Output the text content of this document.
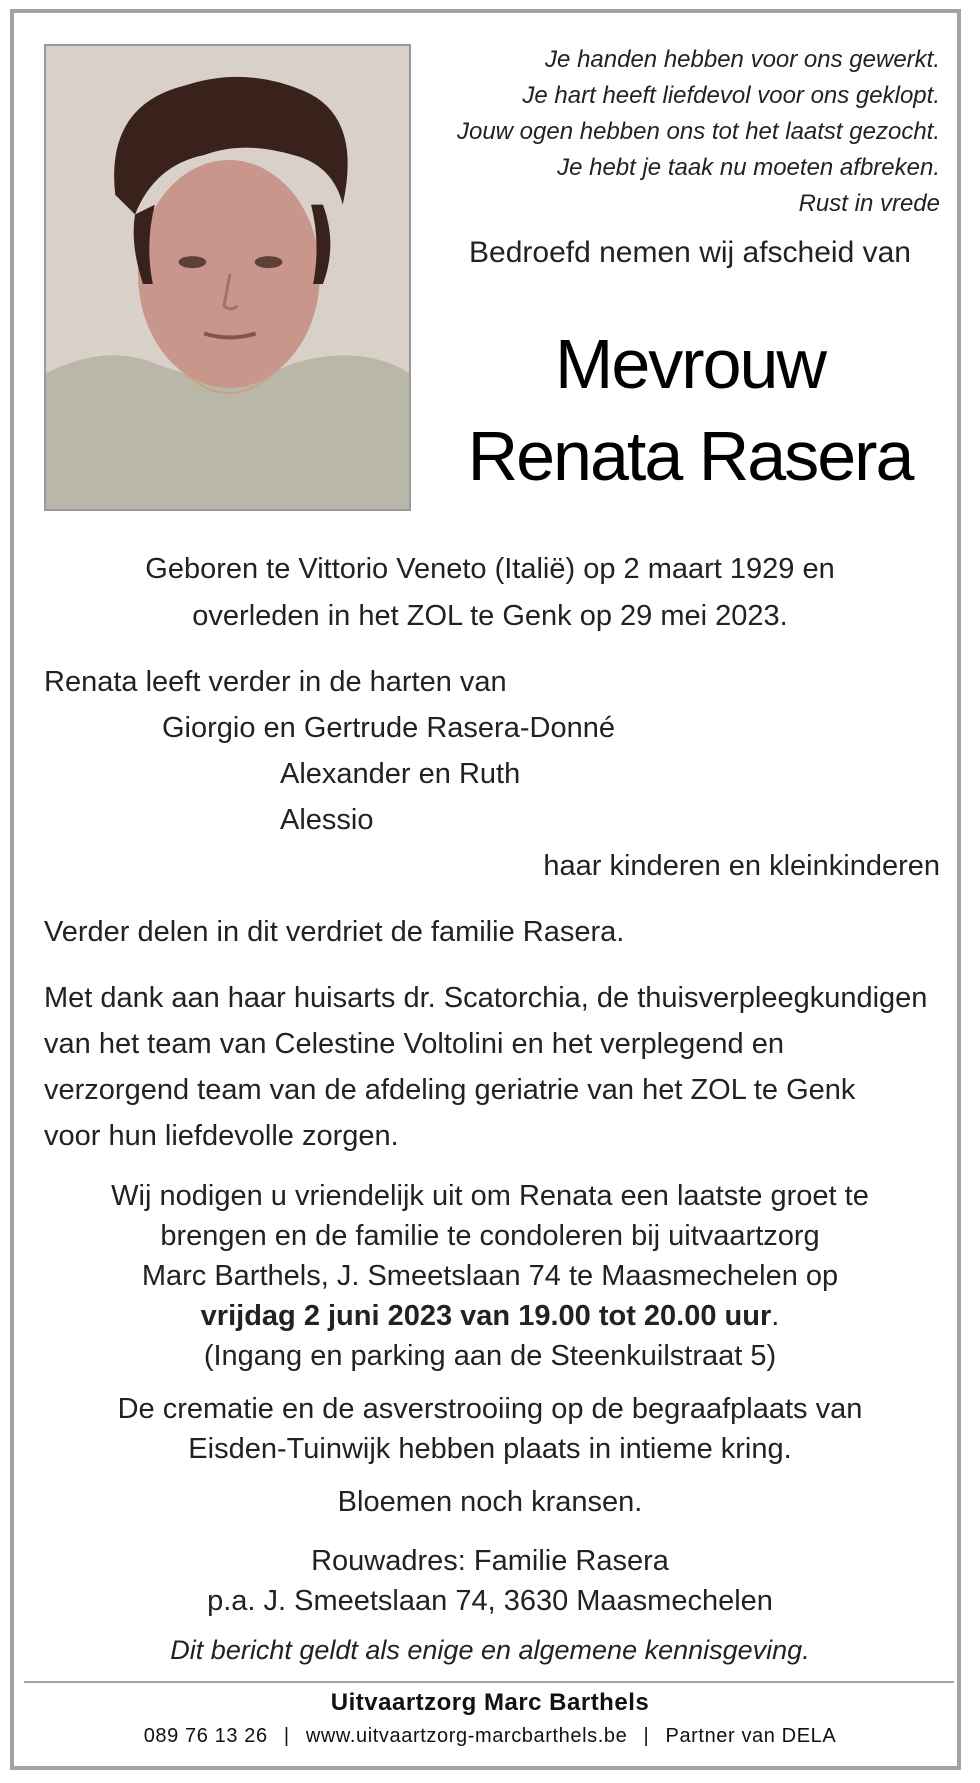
Je handen hebben voor ons gewerkt.
Je hart heeft liefdevol voor ons geklopt.
Jouw ogen hebben ons tot het laatst gezocht.
Je hebt je taak nu moeten afbreken.
Rust in vrede
Bedroefd nemen wij afscheid van
Mevrouw
Renata Rasera
Geboren te Vittorio Veneto (Italië) op 2 maart 1929 en
overleden in het ZOL te Genk op 29 mei 2023.
Renata leeft verder in de harten van
Giorgio en Gertrude Rasera-Donné
Alexander en Ruth
Alessio
haar kinderen en kleinkinderen
Verder delen in dit verdriet de familie Rasera.
Met dank aan haar huisarts dr. Scatorchia, de thuisverpleegkundigen
van het team van Celestine Voltolini en het verplegend en
verzorgend team van de afdeling geriatrie van het ZOL te Genk
voor hun liefdevolle zorgen.
Wij nodigen u vriendelijk uit om Renata een laatste groet te
brengen en de familie te condoleren bij uitvaartzorg
Marc Barthels, J. Smeetslaan 74 te Maasmechelen op
vrijdag 2 juni 2023 van 19.00 tot 20.00 uur.
(Ingang en parking aan de Steenkuilstraat 5)
De crematie en de asverstrooiing op de begraafplaats van
Eisden-Tuinwijk hebben plaats in intieme kring.
Bloemen noch kransen.
Rouwadres: Familie Rasera
p.a. J. Smeetslaan 74, 3630 Maasmechelen
Dit bericht geldt als enige en algemene kennisgeving.
Uitvaartzorg Marc Barthels
089 76 13 26 | www.uitvaartzorg-marcbarthels.be | Partner van DELA
